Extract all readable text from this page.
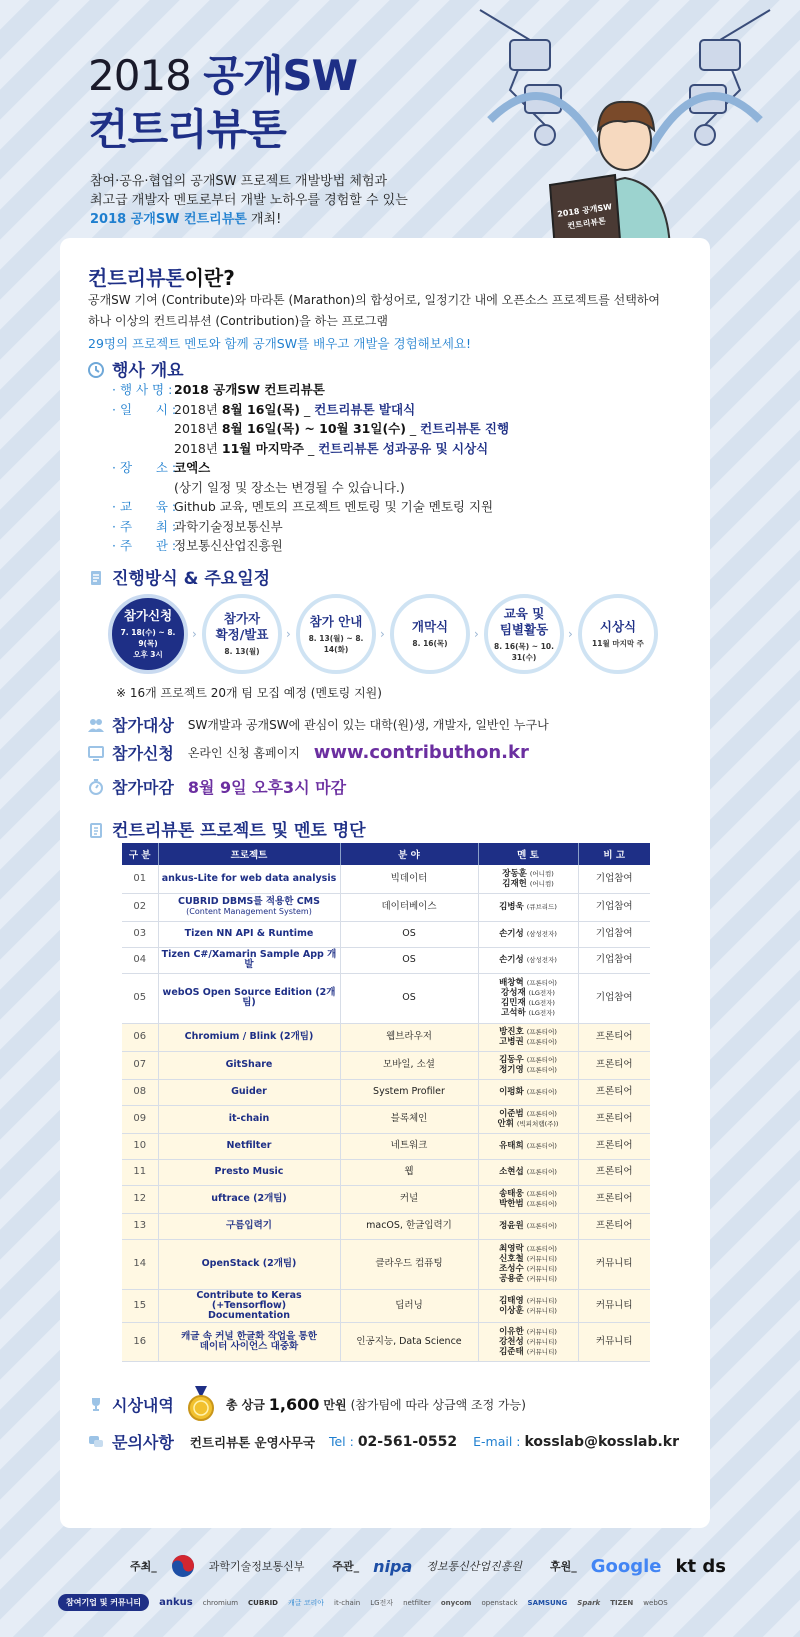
2018 공개SW
컨트리뷰톤
참여·공유·협업의 공개SW 프로젝트 개발방법 체험과
최고급 개발자 멘토로부터 개발 노하우를 경험할 수 있는
2018 공개SW 컨트리뷰톤 개최!
2018 공개SW
컨트리뷰톤
컨트리뷰톤이란?
공개SW 기여 (Contribute)와 마라톤 (Marathon)의 합성어로, 일정기간 내에 오픈소스 프로젝트를 선택하여
하나 이상의 컨트리뷰션 (Contribution)을 하는 프로그램
29명의 프로젝트 멘토와 함께 공개SW를 배우고 개발을 경험해보세요!
행사 개요
· 행 사 명 : 2018 공개SW 컨트리뷰톤
· 일      시 :
2018년 8월 16일(목) _ 컨트리뷰톤 발대식
2018년 8월 16일(목) ~ 10월 31일(수) _ 컨트리뷰톤 진행
2018년 11월 마지막주 _ 컨트리뷰톤 성과공유 및 시상식
· 장      소 :
코엑스
(상기 일정 및 장소는 변경될 수 있습니다.)
· 교      육 :
Github 교육, 멘토의 프로젝트 멘토링 및 기술 멘토링 지원
· 주      최 :
과학기술정보통신부
· 주      관 :
정보통신산업진흥원
진행방식 & 주요일정
참가신청
7. 18(수) ~ 8. 9(목)
오후 3시
›
참가자
확정/발표
8. 13(월)
›
참가 안내
8. 13(월) ~ 8. 14(화)
› 개막식
8. 16(목)
›
교육 및
팀별활동
8. 16(목) ~ 10. 31(수)
› 시상식
11월 마지막 주
※ 16개 프로젝트 20개 팀 모집 예정 (멘토링 지원)
참가대상 SW개발과 공개SW에 관심이 있는 대학(원)생, 개발자, 일반인 누구나
참가신청 온라인 신청 홈페이지 www.contributhon.kr
참가마감 8월 9일 오후3시 마감
컨트리뷰톤 프로젝트 및 멘토 명단
구 분	프로젝트	분 야	멘 토	비 고
01	ankus-Lite for web data analysis	빅데이터	장동훈 (어니컴)
김재헌 (어니컴)	기업참여
02	CUBRID DBMS를 적용한 CMS
(Content Management System)	데이터베이스	김병욱 (큐브리드)	기업참여
03	Tizen NN API & Runtime	OS	손기성 (삼성전자)	기업참여
04	Tizen C#/Xamarin Sample App 개발	OS	손기성 (삼성전자)	기업참여
05	webOS Open Source Edition (2개팀)	OS	배창혁 (프론티어)
강성재 (LG전자)
김민재 (LG전자)
고석하 (LG전자)	기업참여
06	Chromium / Blink (2개팀)	웹브라우저	방진호 (프론티어)
고병권 (프론티어)	프론티어
07	GitShare	모바일, 소셜	김동우 (프론티어)
정기영 (프론티어)	프론티어
08	Guider	System Profiler	이펑화 (프론티어)	프론티어
09	it-chain	블록체인	이준범 (프론티어)
안휘 (빅피처랩(주))	프론티어
10	Netfilter	네트워크	유태희 (프론티어)	프론티어
11	Presto Music	웹	소현섭 (프론티어)	프론티어
12	uftrace (2개팀)	커널	송태웅 (프론티어)
박한범 (프론티어)	프론티어
13	구름입력기	macOS, 한글입력기	정윤원 (프론티어)	프론티어
14	OpenStack (2개팀)	클라우드 컴퓨팅	최영락 (프론티어)
신호철 (커뮤니티)
조성수 (커뮤니티)
공용준 (커뮤니티)	커뮤니티
15	Contribute to Keras (+Tensorflow)
Documentation	딥러닝	김태영 (커뮤니티)
이상훈 (커뮤니티)	커뮤니티
16	캐글 속 커널 한글화 작업을 통한
데이터 사이언스 대중화	인공지능, Data Science	이유한 (커뮤니티)
강천성 (커뮤니티)
김준태 (커뮤니티)	커뮤니티
시상내역	총 상금 1,600 만원 (참가팀에 따라 상금액 조정 가능)
문의사항 컨트리뷰톤 운영사무국 Tel : 02-561-0552 E-mail : kosslab@kosslab.kr
주최_	과학기술정보통신부	주관_ nipa 정보통신산업진흥원	후원_ Google kt ds
참여기업 및 커뮤니티	ankus chromium CUBRID 캐글 코리아 it-chain LG전자 netfilter onycom openstack SAMSUNG Spark TIZEN webOS
